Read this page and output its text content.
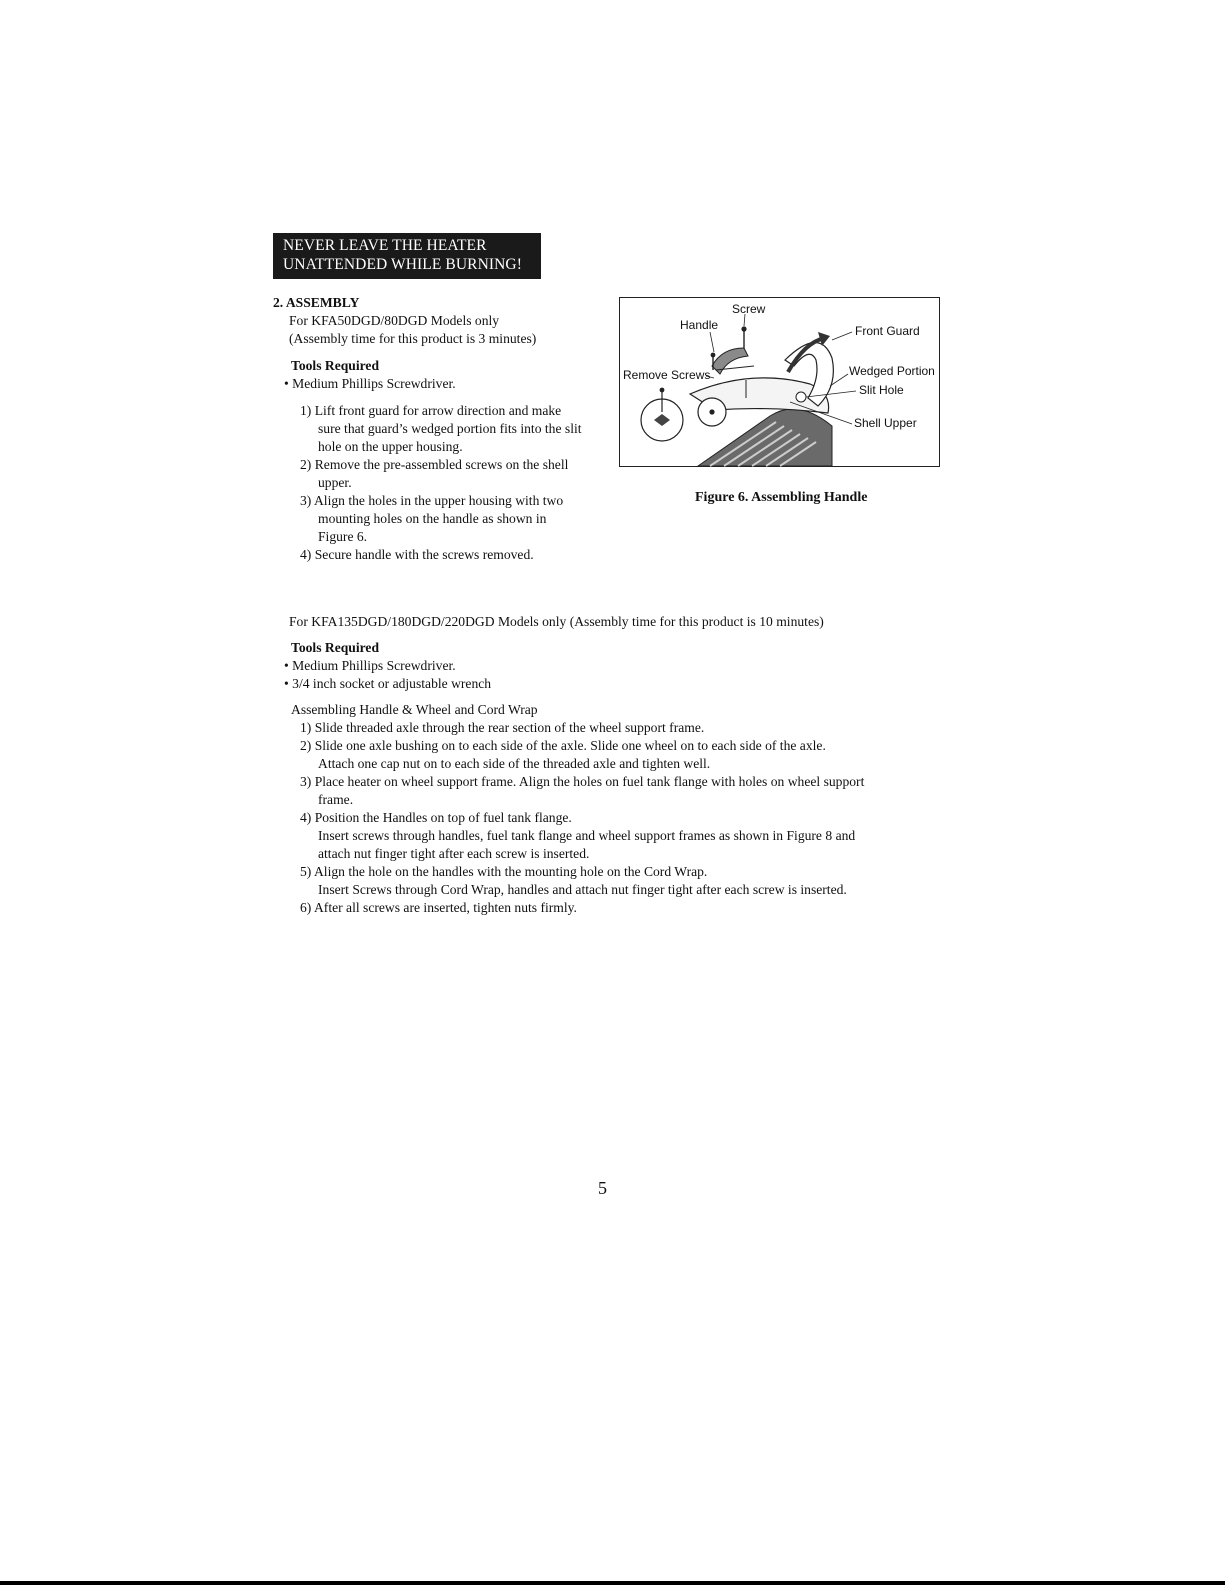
NEVER LEAVE THE HEATER
UNATTENDED WHILE BURNING!
2. ASSEMBLY
For KFA50DGD/80DGD Models only
(Assembly time for this product is 3 minutes)
Tools Required
• Medium Phillips Screwdriver.
1) Lift front guard for arrow direction and make
sure that guard’s wedged portion fits into the slit
hole on the upper housing.
2) Remove the pre-assembled screws on the shell
upper.
3) Align the holes in the upper housing with two
mounting holes on the handle as shown in
Figure 6.
4) Secure handle with the screws removed.
Screw
Handle	Front Guard
Remove Screws	Wedged Portion
Slit Hole
Shell Upper
Figure 6. Assembling Handle
For KFA135DGD/180DGD/220DGD Models only (Assembly time for this product is 10 minutes)
Tools Required
• Medium Phillips Screwdriver.
• 3/4 inch socket or adjustable wrench
Assembling Handle & Wheel and Cord Wrap
1) Slide threaded axle through the rear section of the wheel support frame.
2) Slide one axle bushing on to each side of the axle. Slide one wheel on to each side of the axle.
Attach one cap nut on to each side of the threaded axle and tighten well.
3) Place heater on wheel support frame. Align the holes on fuel tank flange with holes on wheel support
frame.
4) Position the Handles on top of fuel tank flange.
Insert screws through handles, fuel tank flange and wheel support frames as shown in Figure 8 and
attach nut finger tight after each screw is inserted.
5) Align the hole on the handles with the mounting hole on the Cord Wrap.
Insert Screws through Cord Wrap, handles and attach nut finger tight after each screw is inserted.
6) After all screws are inserted, tighten nuts firmly.
5
